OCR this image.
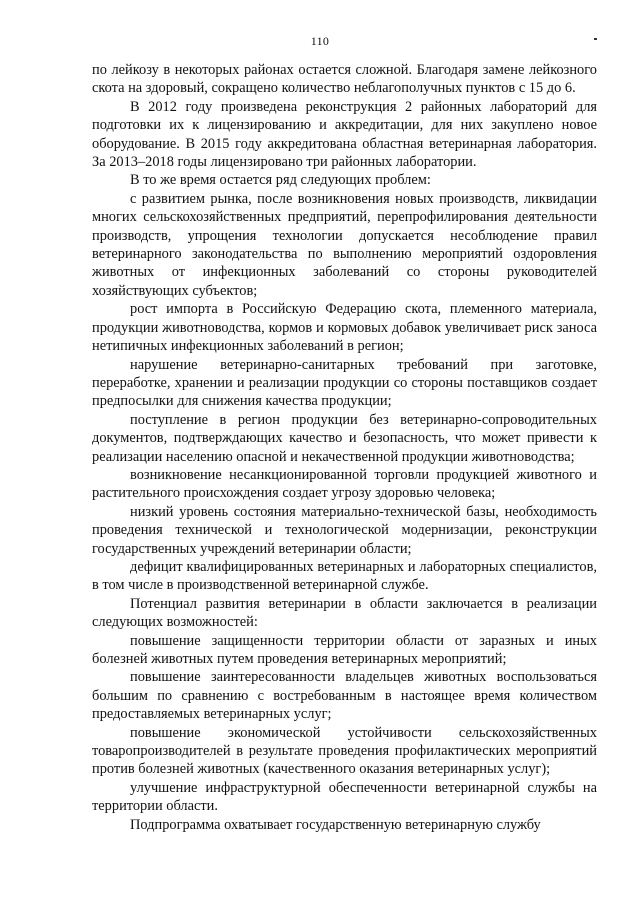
110

по лейкозу в некоторых районах остается сложной. Благодаря замене лейкозного скота на здоровый, сокращено количество неблагополучных пунктов с 15 до 6.

В 2012 году произведена реконструкция 2 районных лабораторий для подготовки их к лицензированию и аккредитации, для них закуплено новое оборудование. В 2015 году аккредитована областная ветеринарная лаборатория. За 2013–2018 годы лицензировано три районных лаборатории.

В то же время остается ряд следующих проблем:

с развитием рынка, после возникновения новых производств, ликвидации многих сельскохозяйственных предприятий, перепрофилирования деятельности производств, упрощения технологии допускается несоблюдение правил ветеринарного законодательства по выполнению мероприятий оздоровления животных от инфекционных заболеваний со стороны руководителей хозяйствующих субъектов;

рост импорта в Российскую Федерацию скота, племенного материала, продукции животноводства, кормов и кормовых добавок увеличивает риск заноса нетипичных инфекционных заболеваний в регион;

нарушение ветеринарно-санитарных требований при заготовке, переработке, хранении и реализации продукции со стороны поставщиков создает предпосылки для снижения качества продукции;

поступление в регион продукции без ветеринарно-сопроводительных документов, подтверждающих качество и безопасность, что может привести к реализации населению опасной и некачественной продукции животноводства;

возникновение несанкционированной торговли продукцией животного и растительного происхождения создает угрозу здоровью человека;

низкий уровень состояния материально-технической базы, необходимость проведения технической и технологической модернизации, реконструкции государственных учреждений ветеринарии области;

дефицит квалифицированных ветеринарных и лабораторных специалистов, в том числе в производственной ветеринарной службе.

Потенциал развития ветеринарии в области заключается в реализации следующих возможностей:

повышение защищенности территории области от заразных и иных болезней животных путем проведения ветеринарных мероприятий;

повышение заинтересованности владельцев животных воспользоваться большим по сравнению с востребованным в настоящее время количеством предоставляемых ветеринарных услуг;

повышение экономической устойчивости сельскохозяйственных товаропроизводителей в результате проведения профилактических мероприятий против болезней животных (качественного оказания ветеринарных услуг);

улучшение инфраструктурной обеспеченности ветеринарной службы на территории области.

Подпрограмма охватывает государственную ветеринарную службу
